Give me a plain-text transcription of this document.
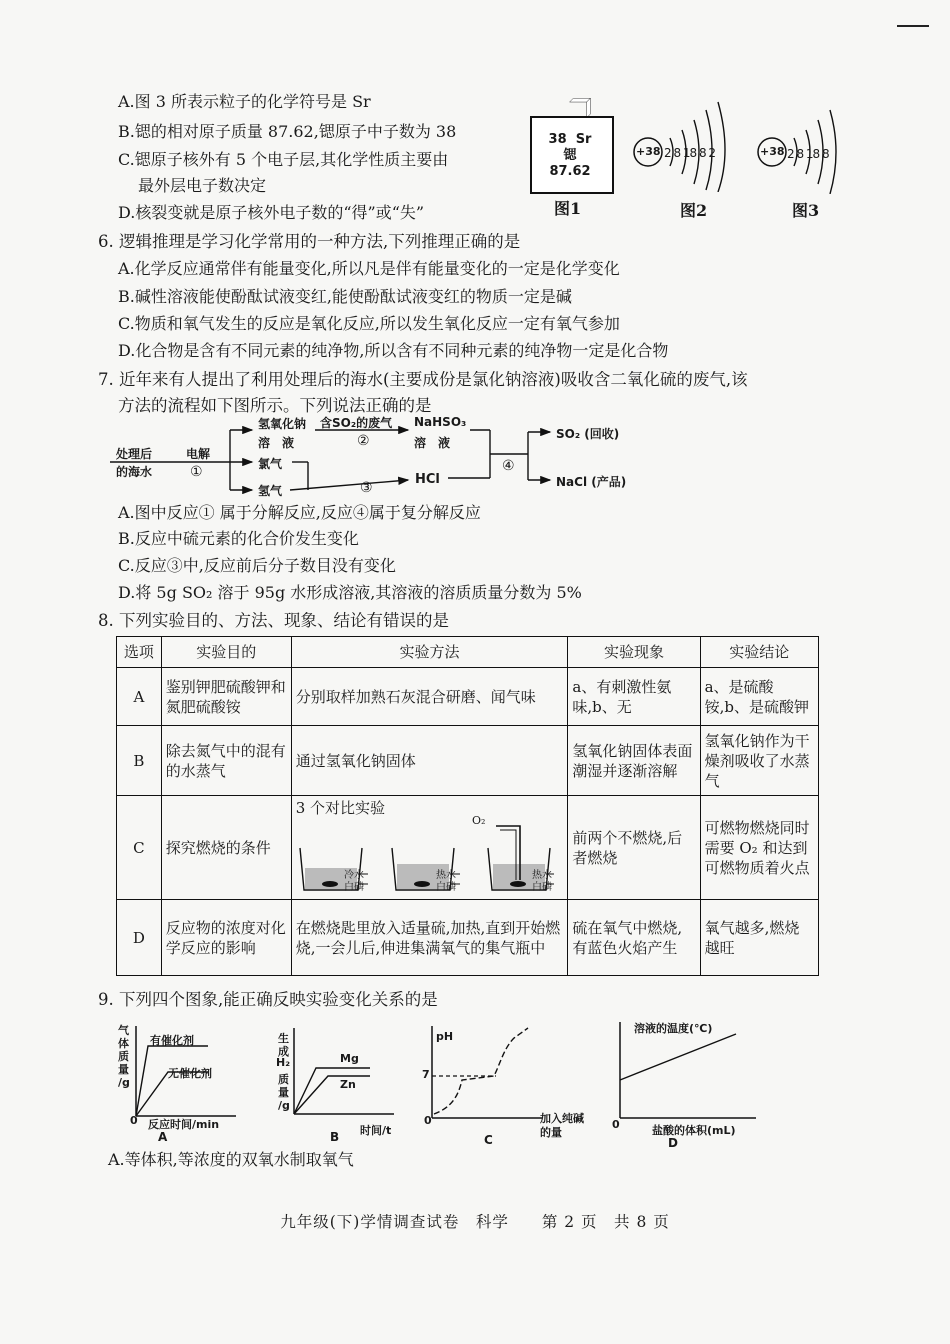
A.图 3 所表示粒子的化学符号是 Sr
B.锶的相对原子质量 87.62,锶原子中子数为 38
C.锶原子核外有 5 个电子层,其化学性质主要由
最外层电子数决定
D.核裂变就是原子核外电子数的“得”或“失”
38 Sr
锶
87.62
+38 2 8 18 8 2	+38 2 8 18 8
图1	图2	图3
6. 逻辑推理是学习化学常用的一种方法,下列推理正确的是
A.化学反应通常伴有能量变化,所以凡是伴有能量变化的一定是化学变化
B.碱性溶液能使酚酞试液变红,能使酚酞试液变红的物质一定是碱
C.物质和氧气发生的反应是氧化反应,所以发生氧化反应一定有氧气参加
D.化合物是含有不同元素的纯净物,所以含有不同种元素的纯净物一定是化合物
7. 近年来有人提出了利用处理后的海水(主要成份是氯化钠溶液)吸收含二氧化硫的废气,该
方法的流程如下图所示。下列说法正确的是
处理后
的海水
电解
①
氢氧化钠
溶　液
含SO₂的废气
②
NaHSO₃
溶　液
氯气
氢气	③
HCl
④
SO₂ (回收)
NaCl (产品)
A.图中反应① 属于分解反应,反应④属于复分解反应
B.反应中硫元素的化合价发生变化
C.反应③中,反应前后分子数目没有变化
D.将 5g SO₂ 溶于 95g 水形成溶液,其溶液的溶质质量分数为 5%
8. 下列实验目的、方法、现象、结论有错误的是
选项	实验目的	实验方法	实验现象	实验结论
A	鉴别钾肥硫酸钾和氮肥硫酸铵	分别取样加熟石灰混合研磨、闻气味	a、有刺激性氨味,b、无	a、是硫酸铵,b、是硫酸钾
B	除去氮气中的混有的水蒸气	通过氢氧化钠固体	氢氧化钠固体表面潮湿并逐渐溶解	氢氧化钠作为干燥剂吸收了水蒸气
C	探究燃烧的条件	3 个对比实验	前两个不燃烧,后者燃烧	可燃物燃烧同时需要 O₂ 和达到可燃物质着火点
D	反应物的浓度对化学反应的影响	在燃烧匙里放入适量硫,加热,直到开始燃烧,一会儿后,伸进集满氧气的集气瓶中	硫在氧气中燃烧,有蓝色火焰产生	氧气越多,燃烧越旺
O₂
冷水
白磷
热水
白磷
热水
白磷
9. 下列四个图象,能正确反映实验变化关系的是
气
体
质
量
/g
有催化剂
无催化剂
0 反应时间/min
A
生
成
H₂
质
量
/g
Mg
Zn
时间/t
B
pH
7
0	加入纯碱
的量
C
溶液的温度(℃)
0	盐酸的体积(mL)
D
A.等体积,等浓度的双氧水制取氧气
九年级(下)学情调查试卷　科学　　第 2 页　共 8 页
